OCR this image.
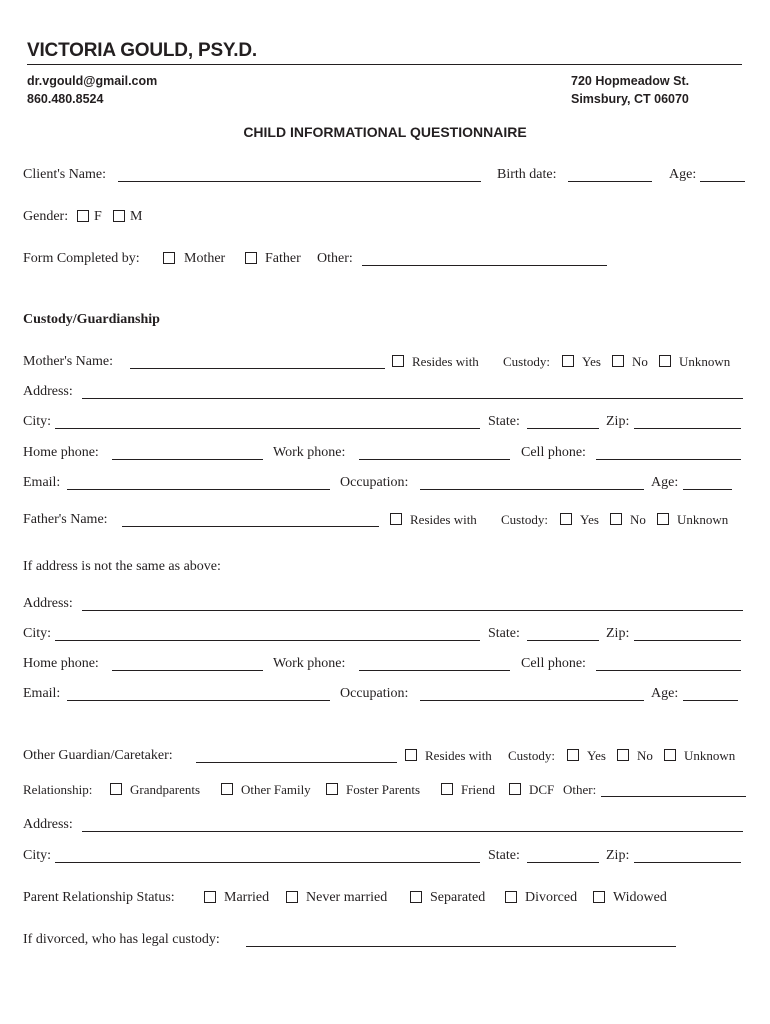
VICTORIA GOULD, PSY.D.
dr.vgould@gmail.com
860.480.8524
720 Hopmeadow St.
Simsbury, CT 06070
CHILD INFORMATIONAL QUESTIONNAIRE
Client's Name:	Birth date:	Age:
Gender: F M
Form Completed by:	Mother	Father Other:
Custody/Guardianship
Mother's Name:	Resides with Custody: Yes No Unknown
Address:
City:	State:	Zip:
Home phone:	Work phone:	Cell phone:
Email:	Occupation:	Age:
Father's Name:	Resides with Custody: Yes No Unknown
If address is not the same as above:
Address:
City:	State:	Zip:
Home phone:	Work phone:	Cell phone:
Email:	Occupation:	Age:
Other Guardian/Caretaker:	Resides with Custody: Yes No Unknown
Relationship:	Grandparents	Other Family	Foster Parents	Friend	DCF Other:
Address:
City:	State:	Zip:
Parent Relationship Status:	Married	Never married	Separated	Divorced	Widowed
If divorced, who has legal custody:
